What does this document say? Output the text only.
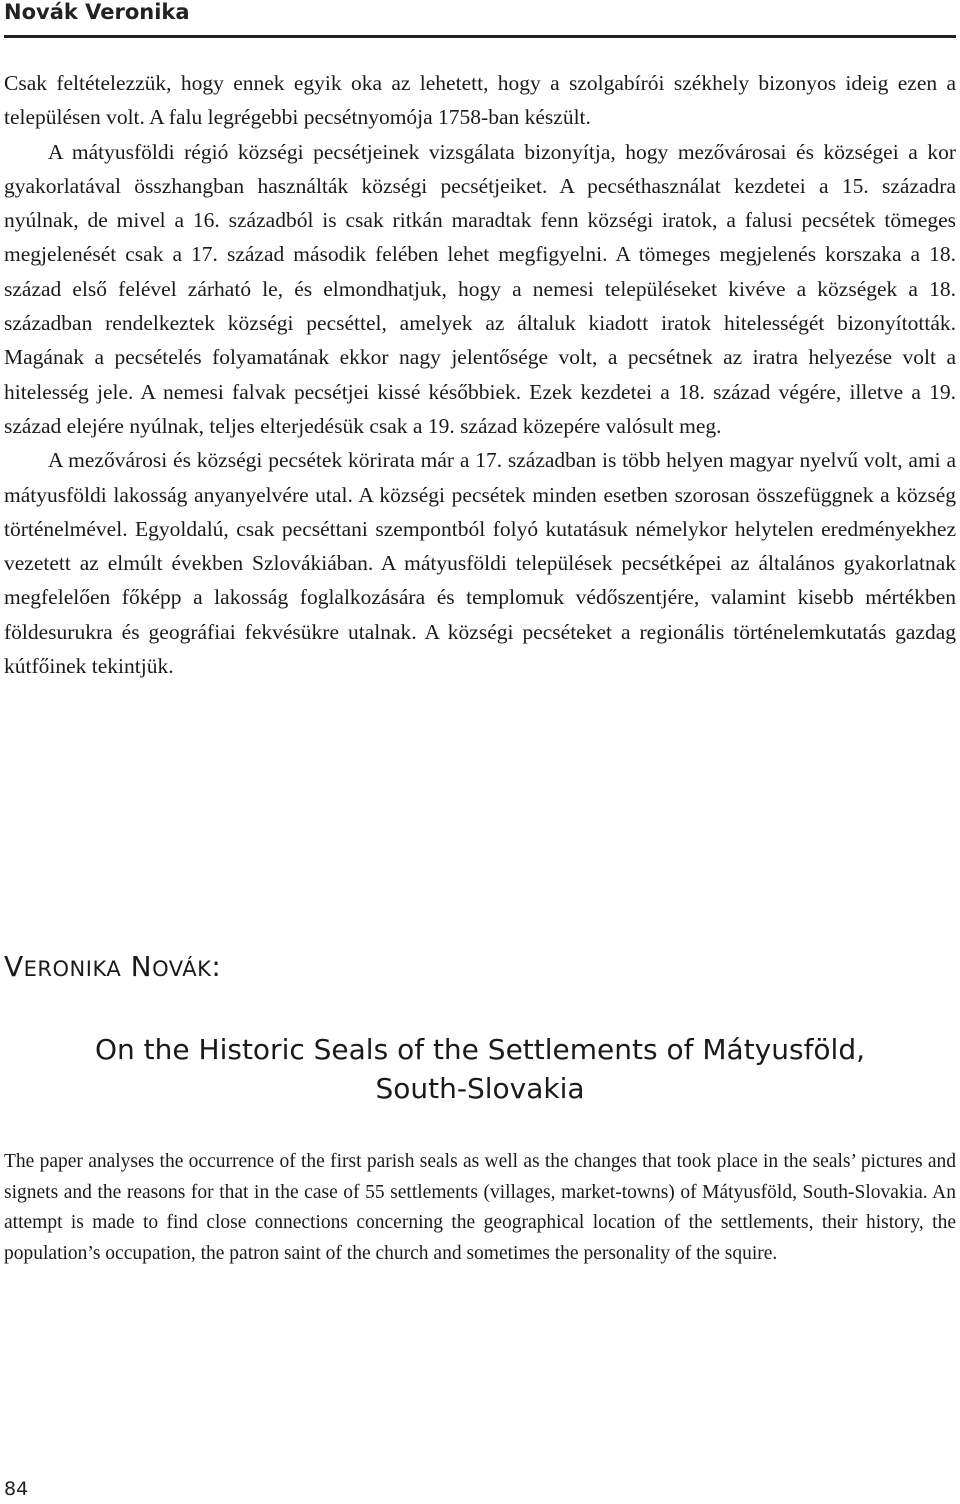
Novák Veronika

Csak feltételezzük, hogy ennek egyik oka az lehetett, hogy a szolgabírói székhely bizonyos ideig ezen a településen volt. A falu legrégebbi pecsétnyomója 1758-ban készült.

A mátyusföldi régió községi pecsétjeinek vizsgálata bizonyítja, hogy mezővárosai és községei a kor gyakorlatával összhangban használták községi pecsétjeiket. A pecséthasználat kezdetei a 15. századra nyúlnak, de mivel a 16. századból is csak ritkán maradtak fenn községi iratok, a falusi pecsétek tömeges megjelenését csak a 17. század második felében lehet megfigyelni. A tömeges megjelenés korszaka a 18. század első felével zárható le, és elmondhatjuk, hogy a nemesi településeket kivéve a községek a 18. században rendelkeztek községi pecséttel, amelyek az általuk kiadott iratok hitelességét bizonyították. Magának a pecsételés folyamatának ekkor nagy jelentősége volt, a pecsétnek az iratra helyezése volt a hitelesség jele. A nemesi falvak pecsétjei kissé későbbiek. Ezek kezdetei a 18. század végére, illetve a 19. század elejére nyúlnak, teljes elterjedésük csak a 19. század közepére valósult meg.

A mezővárosi és községi pecsétek körirata már a 17. században is több helyen magyar nyelvű volt, ami a mátyusföldi lakosság anyanyelvére utal. A községi pecsétek minden esetben szorosan összefüggnek a község történelmével. Egyoldalú, csak pecséttani szempontból folyó kutatásuk némelykor helytelen eredményekhez vezetett az elmúlt években Szlovákiában. A mátyusföldi települések pecsétképei az általános gyakorlatnak megfelelően főképp a lakosság foglalkozására és templomuk védőszentjére, valamint kisebb mértékben földesurukra és geográfiai fekvésükre utalnak. A községi pecséteket a regionális történelemkutatás gazdag kútfőinek tekintjük.

VERONIKA NOVÁK:
On the Historic Seals of the Settlements of Mátyusföld,
South-Slovakia

The paper analyses the occurrence of the first parish seals as well as the changes that took place in the seals’ pictures and signets and the reasons for that in the case of 55 settlements (villages, market-towns) of Mátyusföld, South-Slovakia. An attempt is made to find close connections concerning the geographical location of the settlements, their history, the population’s occupation, the patron saint of the church and sometimes the personality of the squire.

84
